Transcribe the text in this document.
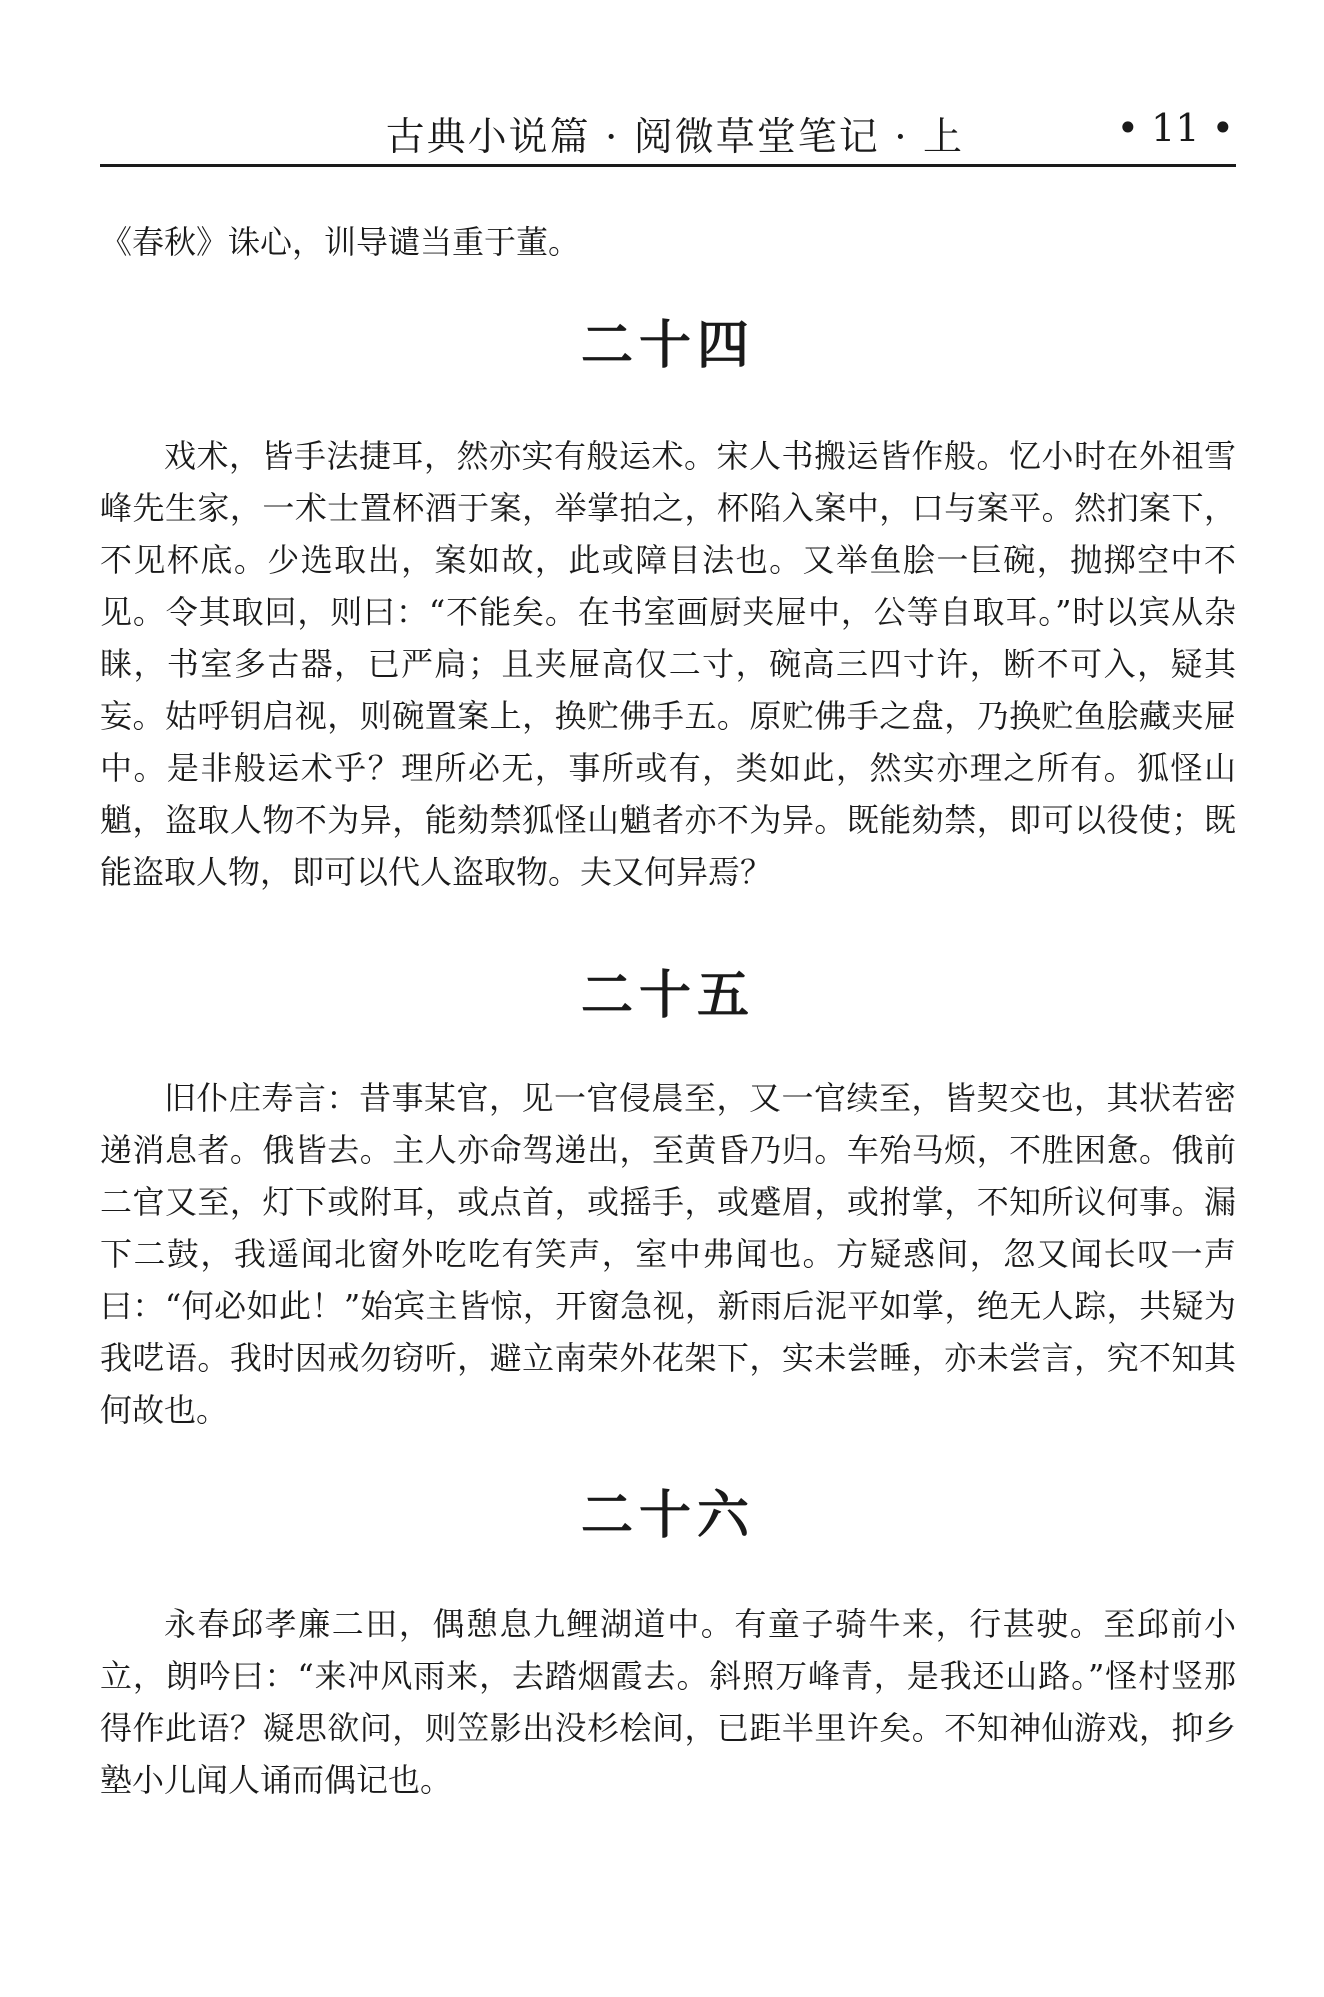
古典小说篇 · 阅微草堂笔记 · 上	• 11 •

《春秋》诛心，训导谴当重于董。

二十四

戏术，皆手法捷耳，然亦实有般运术。宋人书搬运皆作般。忆小时在外祖雪峰先生家，一术士置杯酒于案，举掌拍之，杯陷入案中，口与案平。然扪案下，不见杯底。少选取出，案如故，此或障目法也。又举鱼脍一巨碗，抛掷空中不见。令其取回，则曰：“不能矣。在书室画厨夹屉中，公等自取耳。”时以宾从杂睐，书室多古器，已严扃；且夹屉高仅二寸，碗高三四寸许，断不可入，疑其妄。姑呼钥启视，则碗置案上，换贮佛手五。原贮佛手之盘，乃换贮鱼脍藏夹屉中。是非般运术乎？理所必无，事所或有，类如此，然实亦理之所有。狐怪山魈，盗取人物不为异，能劾禁狐怪山魈者亦不为异。既能劾禁，即可以役使；既能盗取人物，即可以代人盗取物。夫又何异焉？

二十五

旧仆庄寿言：昔事某官，见一官侵晨至，又一官续至，皆契交也，其状若密递消息者。俄皆去。主人亦命驾递出，至黄昏乃归。车殆马烦，不胜困惫。俄前二官又至，灯下或附耳，或点首，或摇手，或蹙眉，或拊掌，不知所议何事。漏下二鼓，我遥闻北窗外吃吃有笑声，室中弗闻也。方疑惑间，忽又闻长叹一声曰：“何必如此！”始宾主皆惊，开窗急视，新雨后泥平如掌，绝无人踪，共疑为我呓语。我时因戒勿窃听，避立南荣外花架下，实未尝睡，亦未尝言，究不知其何故也。

二十六

永春邱孝廉二田，偶憩息九鲤湖道中。有童子骑牛来，行甚驶。至邱前小立，朗吟曰：“来冲风雨来，去踏烟霞去。斜照万峰青，是我还山路。”怪村竖那得作此语？凝思欲问，则笠影出没杉桧间，已距半里许矣。不知神仙游戏，抑乡塾小儿闻人诵而偶记也。
